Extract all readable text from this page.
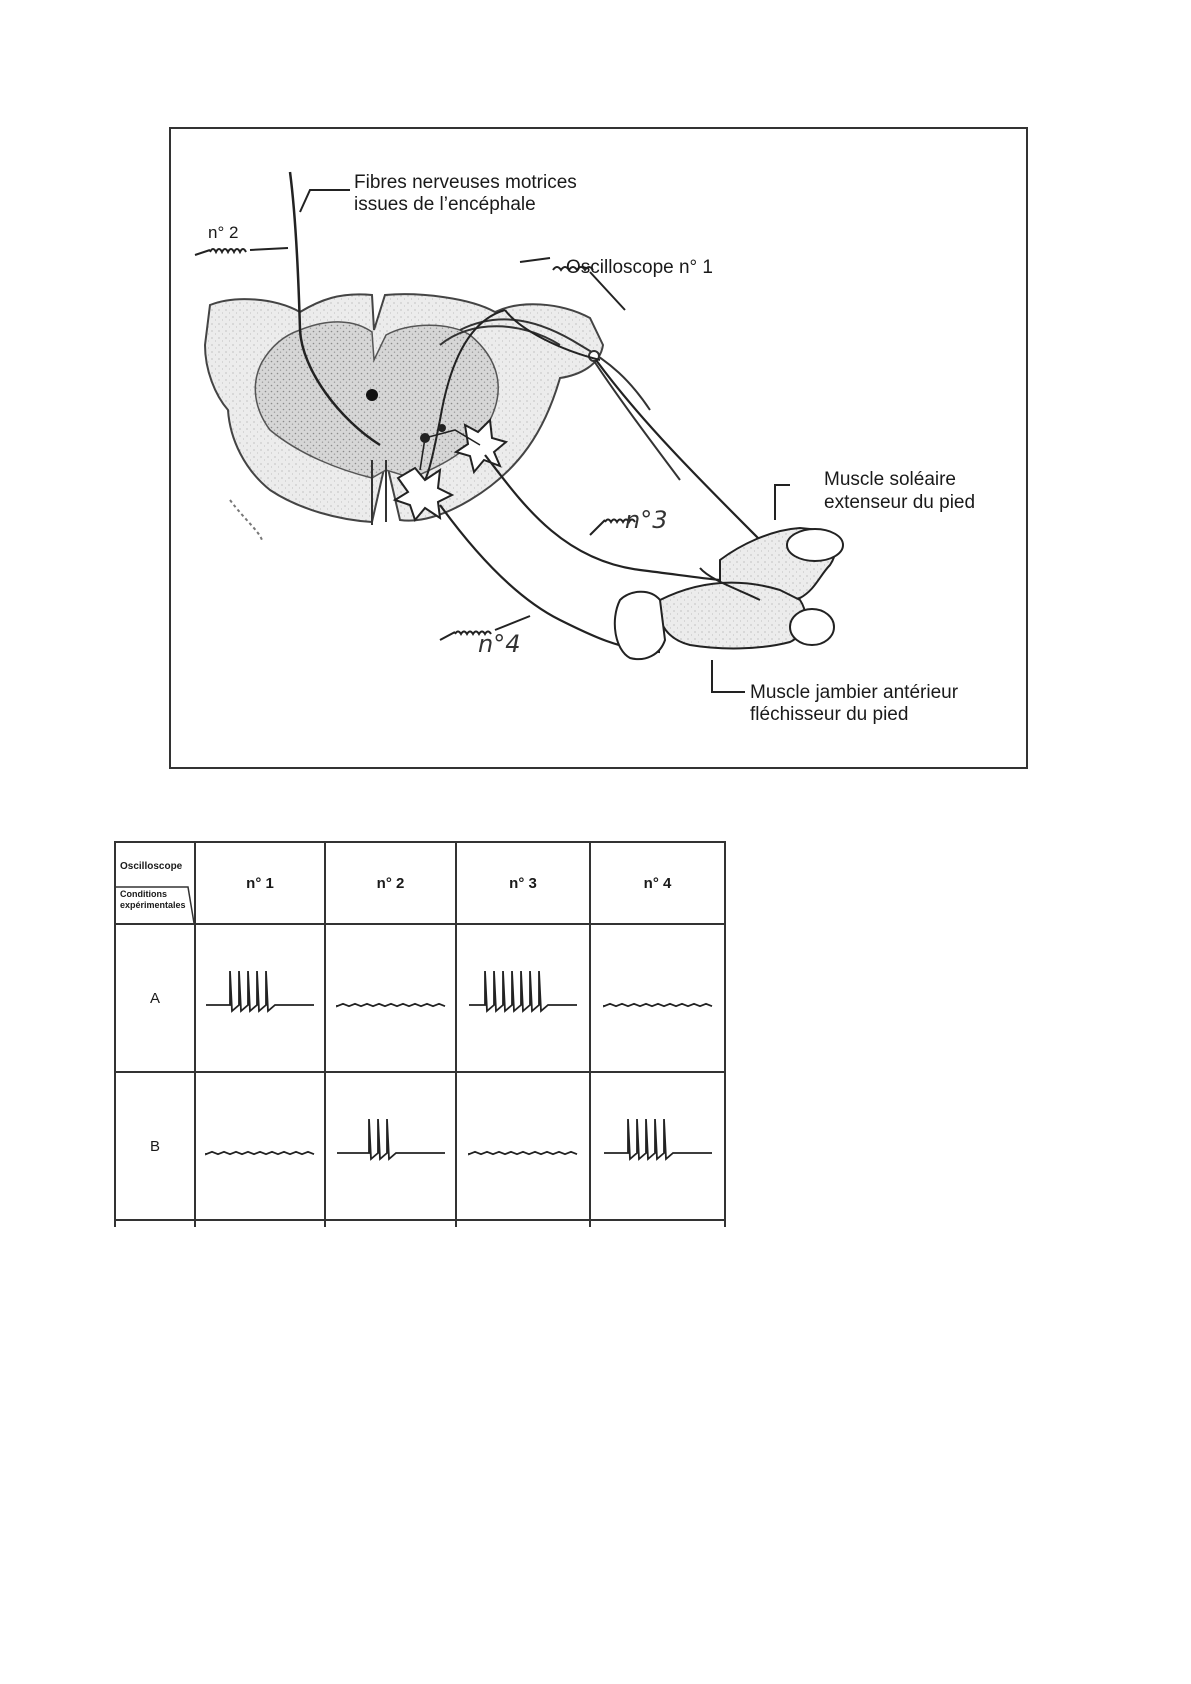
Fibres nerveuses motrices
issues de l’encéphale
n° 2
Oscilloscope n° 1
n°3
n°4
Muscle soléaire
extenseur du pied
Muscle jambier antérieur
fléchisseur du pied
Oscilloscope
Conditions
expérimentales	n° 1	n° 2	n° 3	n° 4
A	

B	
